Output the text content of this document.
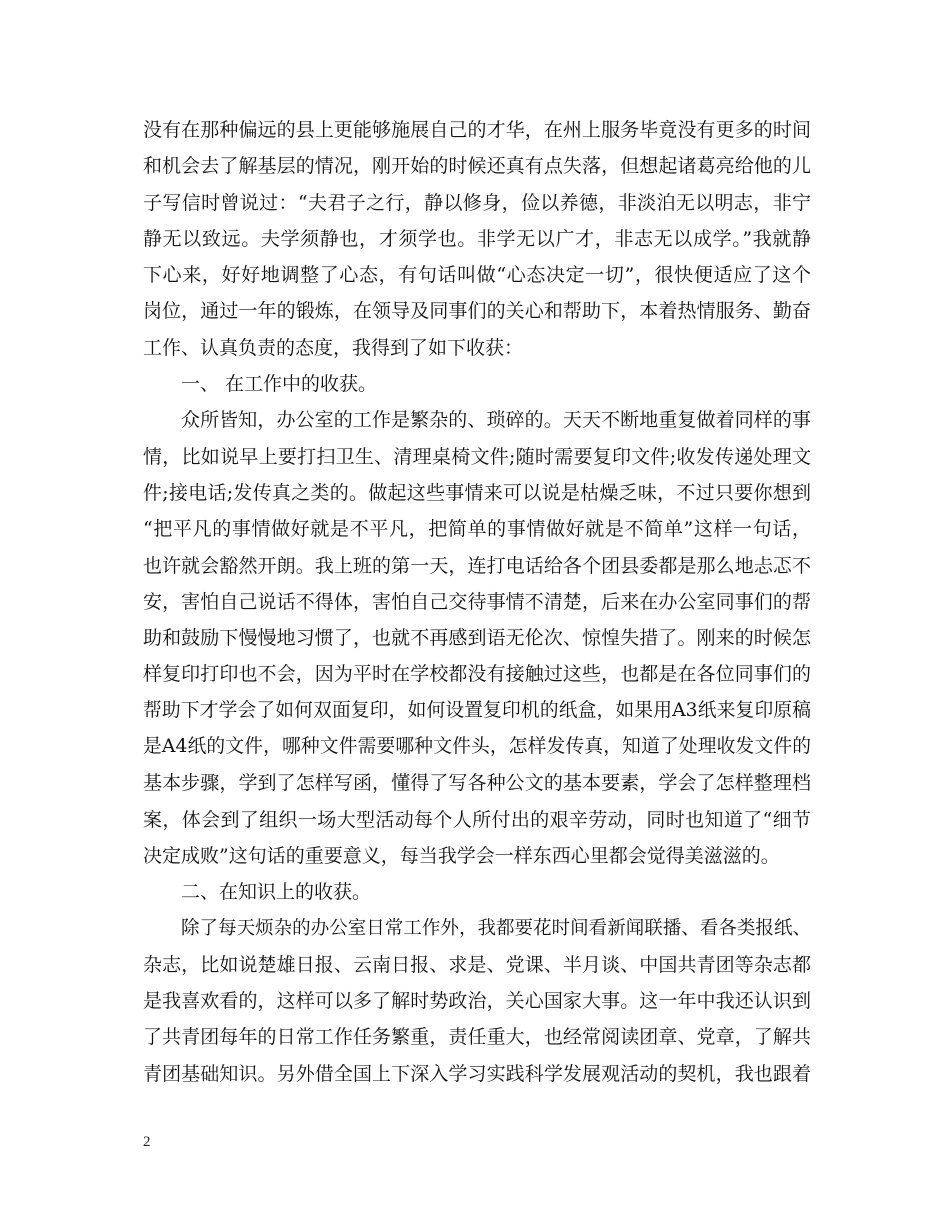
没有在那种偏远的县上更能够施展自己的才华，在州上服务毕竟没有更多的时间
和机会去了解基层的情况，刚开始的时候还真有点失落，但想起诸葛亮给他的儿
子写信时曾说过：“夫君子之行，静以修身，俭以养德，非淡泊无以明志，非宁
静无以致远。夫学须静也，才须学也。非学无以广才，非志无以成学。”我就静
下心来，好好地调整了心态，有句话叫做“心态决定一切”，很快便适应了这个
岗位，通过一年的锻炼，在领导及同事们的关心和帮助下，本着热情服务、勤奋
工作、认真负责的态度，我得到了如下收获：
一、 在工作中的收获。
众所皆知，办公室的工作是繁杂的、琐碎的。天天不断地重复做着同样的事
情，比如说早上要打扫卫生、清理桌椅文件;随时需要复印文件;收发传递处理文
件;接电话;发传真之类的。做起这些事情来可以说是枯燥乏味，不过只要你想到
“把平凡的事情做好就是不平凡，把简单的事情做好就是不简单”这样一句话，
也许就会豁然开朗。我上班的第一天，连打电话给各个团县委都是那么地忐忑不
安，害怕自己说话不得体，害怕自己交待事情不清楚，后来在办公室同事们的帮
助和鼓励下慢慢地习惯了，也就不再感到语无伦次、惊惶失措了。刚来的时候怎
样复印打印也不会，因为平时在学校都没有接触过这些，也都是在各位同事们的
帮助下才学会了如何双面复印，如何设置复印机的纸盒，如果用A3纸来复印原稿
是A4纸的文件，哪种文件需要哪种文件头，怎样发传真，知道了处理收发文件的
基本步骤，学到了怎样写函，懂得了写各种公文的基本要素，学会了怎样整理档
案，体会到了组织一场大型活动每个人所付出的艰辛劳动，同时也知道了“细节
决定成败”这句话的重要意义，每当我学会一样东西心里都会觉得美滋滋的。
二、在知识上的收获。
除了每天烦杂的办公室日常工作外，我都要花时间看新闻联播、看各类报纸、
杂志，比如说楚雄日报、云南日报、求是、党课、半月谈、中国共青团等杂志都
是我喜欢看的，这样可以多了解时势政治，关心国家大事。这一年中我还认识到
了共青团每年的日常工作任务繁重，责任重大，也经常阅读团章、党章，了解共
青团基础知识。另外借全国上下深入学习实践科学发展观活动的契机，我也跟着
2
